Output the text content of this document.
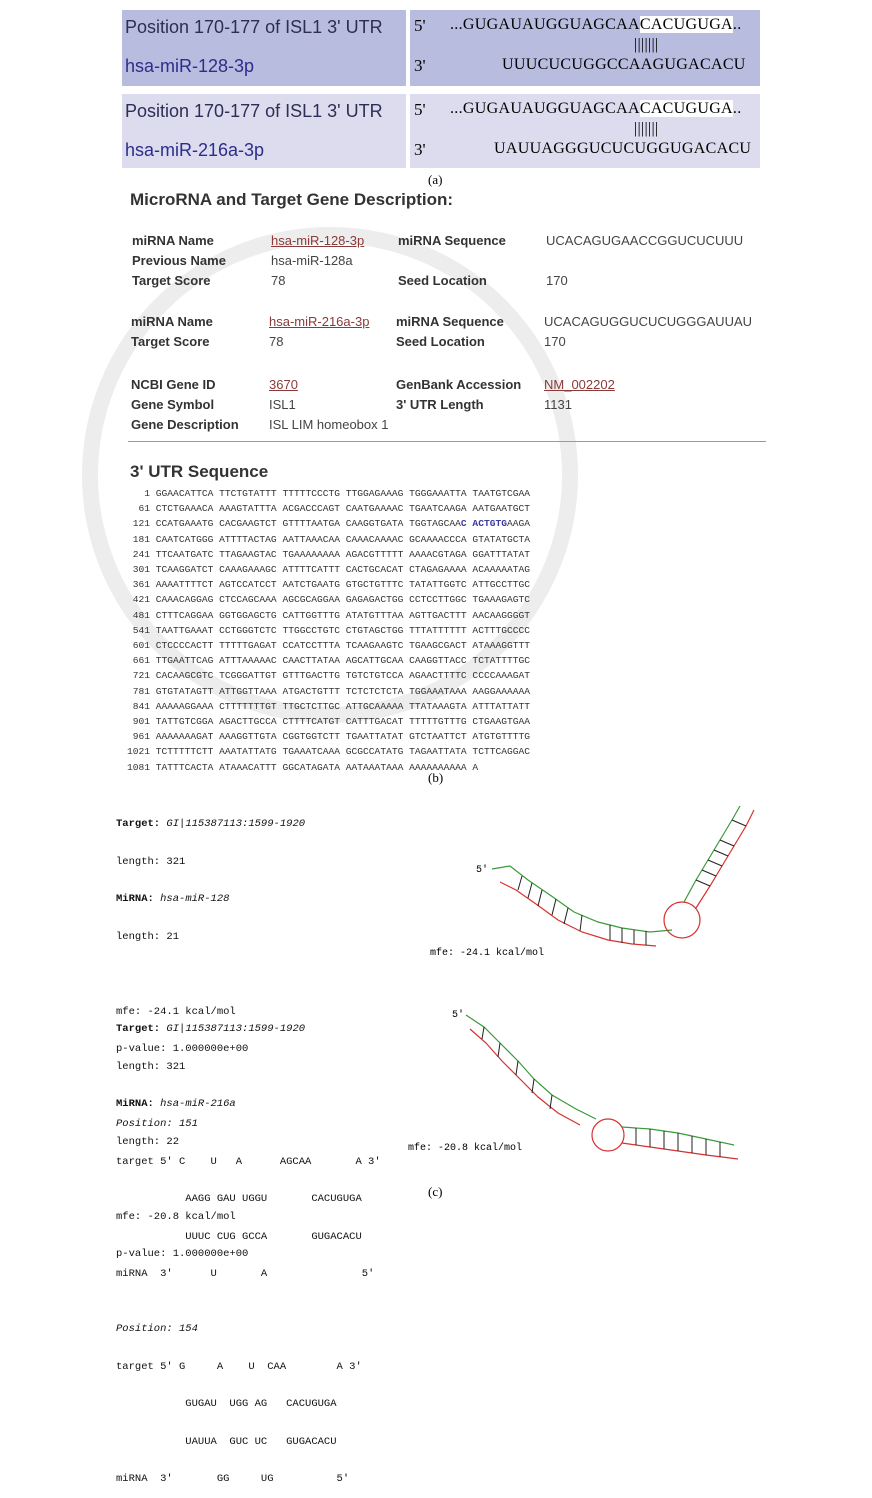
Position 170-177 of ISL1 3' UTR
hsa-miR-128-3p
5' ...GUGAUAUGGUAGCAACACUGUGA..
|||||||
3'	UUUCUCUGGCCAAGUGACACU
Position 170-177 of ISL1 3' UTR
hsa-miR-216a-3p
5' ...GUGAUAUGGUAGCAACACUGUGA..
|||||||
3'	UAUUAGGGUCUCUGGUGACACU
(a)
MicroRNA and Target Gene Description:
miRNA Name	hsa-miR-128-3p	miRNA Sequence	UCACAGUGAACCGGUCUCUUU
Previous Name	hsa-miR-128a
Target Score	78	Seed Location	170
miRNA Name	hsa-miR-216a-3p miRNA Sequence	UCACAGUGGUCUCUGGGAUUAU
Target Score	78	Seed Location	170
NCBI Gene ID	3670	GenBank Accession NM_002202
Gene Symbol	ISL1	3' UTR Length	1131
Gene Description ISL LIM homeobox 1
3' UTR Sequence
1 GGAACATTCA TTCTGTATTT TTTTTCCCTG TTGGAGAAAG TGGGAAATTA TAATGTCGAA
61 CTCTGAAACA AAAGTATTTA ACGACCCAGT CAATGAAAAC TGAATCAAGA AATGAATGCT
121 CCATGAAATG CACGAAGTCT GTTTTAATGA CAAGGTGATA TGGTAGCAAC ACTGTGAAGA
181 CAATCATGGG ATTTTACTAG AATTAAACAA CAAACAAAAC GCAAAACCCA GTATATGCTA
241 TTCAATGATC TTAGAAGTAC TGAAAAAAAA AGACGTTTTT AAAACGTAGA GGATTTATAT
301 TCAAGGATCT CAAAGAAAGC ATTTTCATTT CACTGCACAT CTAGAGAAAA ACAAAAATAG
361 AAAATTTTCT AGTCCATCCT AATCTGAATG GTGCTGTTTC TATATTGGTC ATTGCCTTGC
421 CAAACAGGAG CTCCAGCAAA AGCGCAGGAA GAGAGACTGG CCTCCTTGGC TGAAAGAGTC
481 CTTTCAGGAA GGTGGAGCTG CATTGGTTTG ATATGTTTAA AGTTGACTTT AACAAGGGGT
541 TAATTGAAAT CCTGGGTCTC TTGGCCTGTC CTGTAGCTGG TTTATTTTTT ACTTTGCCCC
601 CTCCCCACTT TTTTTGAGAT CCATCCTTTA TCAAGAAGTC TGAAGCGACT ATAAAGGTTT
661 TTGAATTCAG ATTTAAAAAC CAACTTATAA AGCATTGCAA CAAGGTTACC TCTATTTTGC
721 CACAAGCGTC TCGGGATTGT GTTTGACTTG TGTCTGTCCA AGAACTTTTC CCCCAAAGAT
781 GTGTATAGTT ATTGGTTAAA ATGACTGTTT TCTCTCTCTA TGGAAATAAA AAGGAAAAAA
841 AAAAAGGAAA CTTTTTTTGT TTGCTCTTGC ATTGCAAAAA TTATAAAGTA ATTTATTATT
901 TATTGTCGGA AGACTTGCCA CTTTTCATGT CATTTGACAT TTTTTGTTTG CTGAAGTGAA
961 AAAAAAAGAT AAAGGTTGTA CGGTGGTCTT TGAATTATAT GTCTAATTCT ATGTGTTTTG
1021 TCTTTTTCTT AAATATTATG TGAAATCAAA GCGCCATATG TAGAATTATA TCTTCAGGAC
1081 TATTTCACTA ATAAACATTT GGCATAGATA AATAAATAAA AAAAAAAAAA A
(b)

Target: GI|115387113:1599-1920

length: 321

MiRNA: hsa-miR-128

length: 21

mfe: -24.1 kcal/mol

p-value: 1.000000e+00

Position: 151

target 5' C    U   A      AGCAA       A 3'

AAGG GAU UGGU       CACUGUGA

UUUC CUG GCCA       GUGACACU

miRNA  3'      U       A               5'

Target: GI|115387113:1599-1920

length: 321

MiRNA: hsa-miR-216a

length: 22

mfe: -20.8 kcal/mol

p-value: 1.000000e+00

Position: 154

target 5' G     A    U  CAA        A 3'

GUGAU  UGG AG   CACUGUGA

UAUUA  GUC UC   GUGACACU

miRNA  3'       GG     UG          5'

5'
mfe: -24.1 kcal/mol
5'
mfe: -20.8 kcal/mol
(c)
